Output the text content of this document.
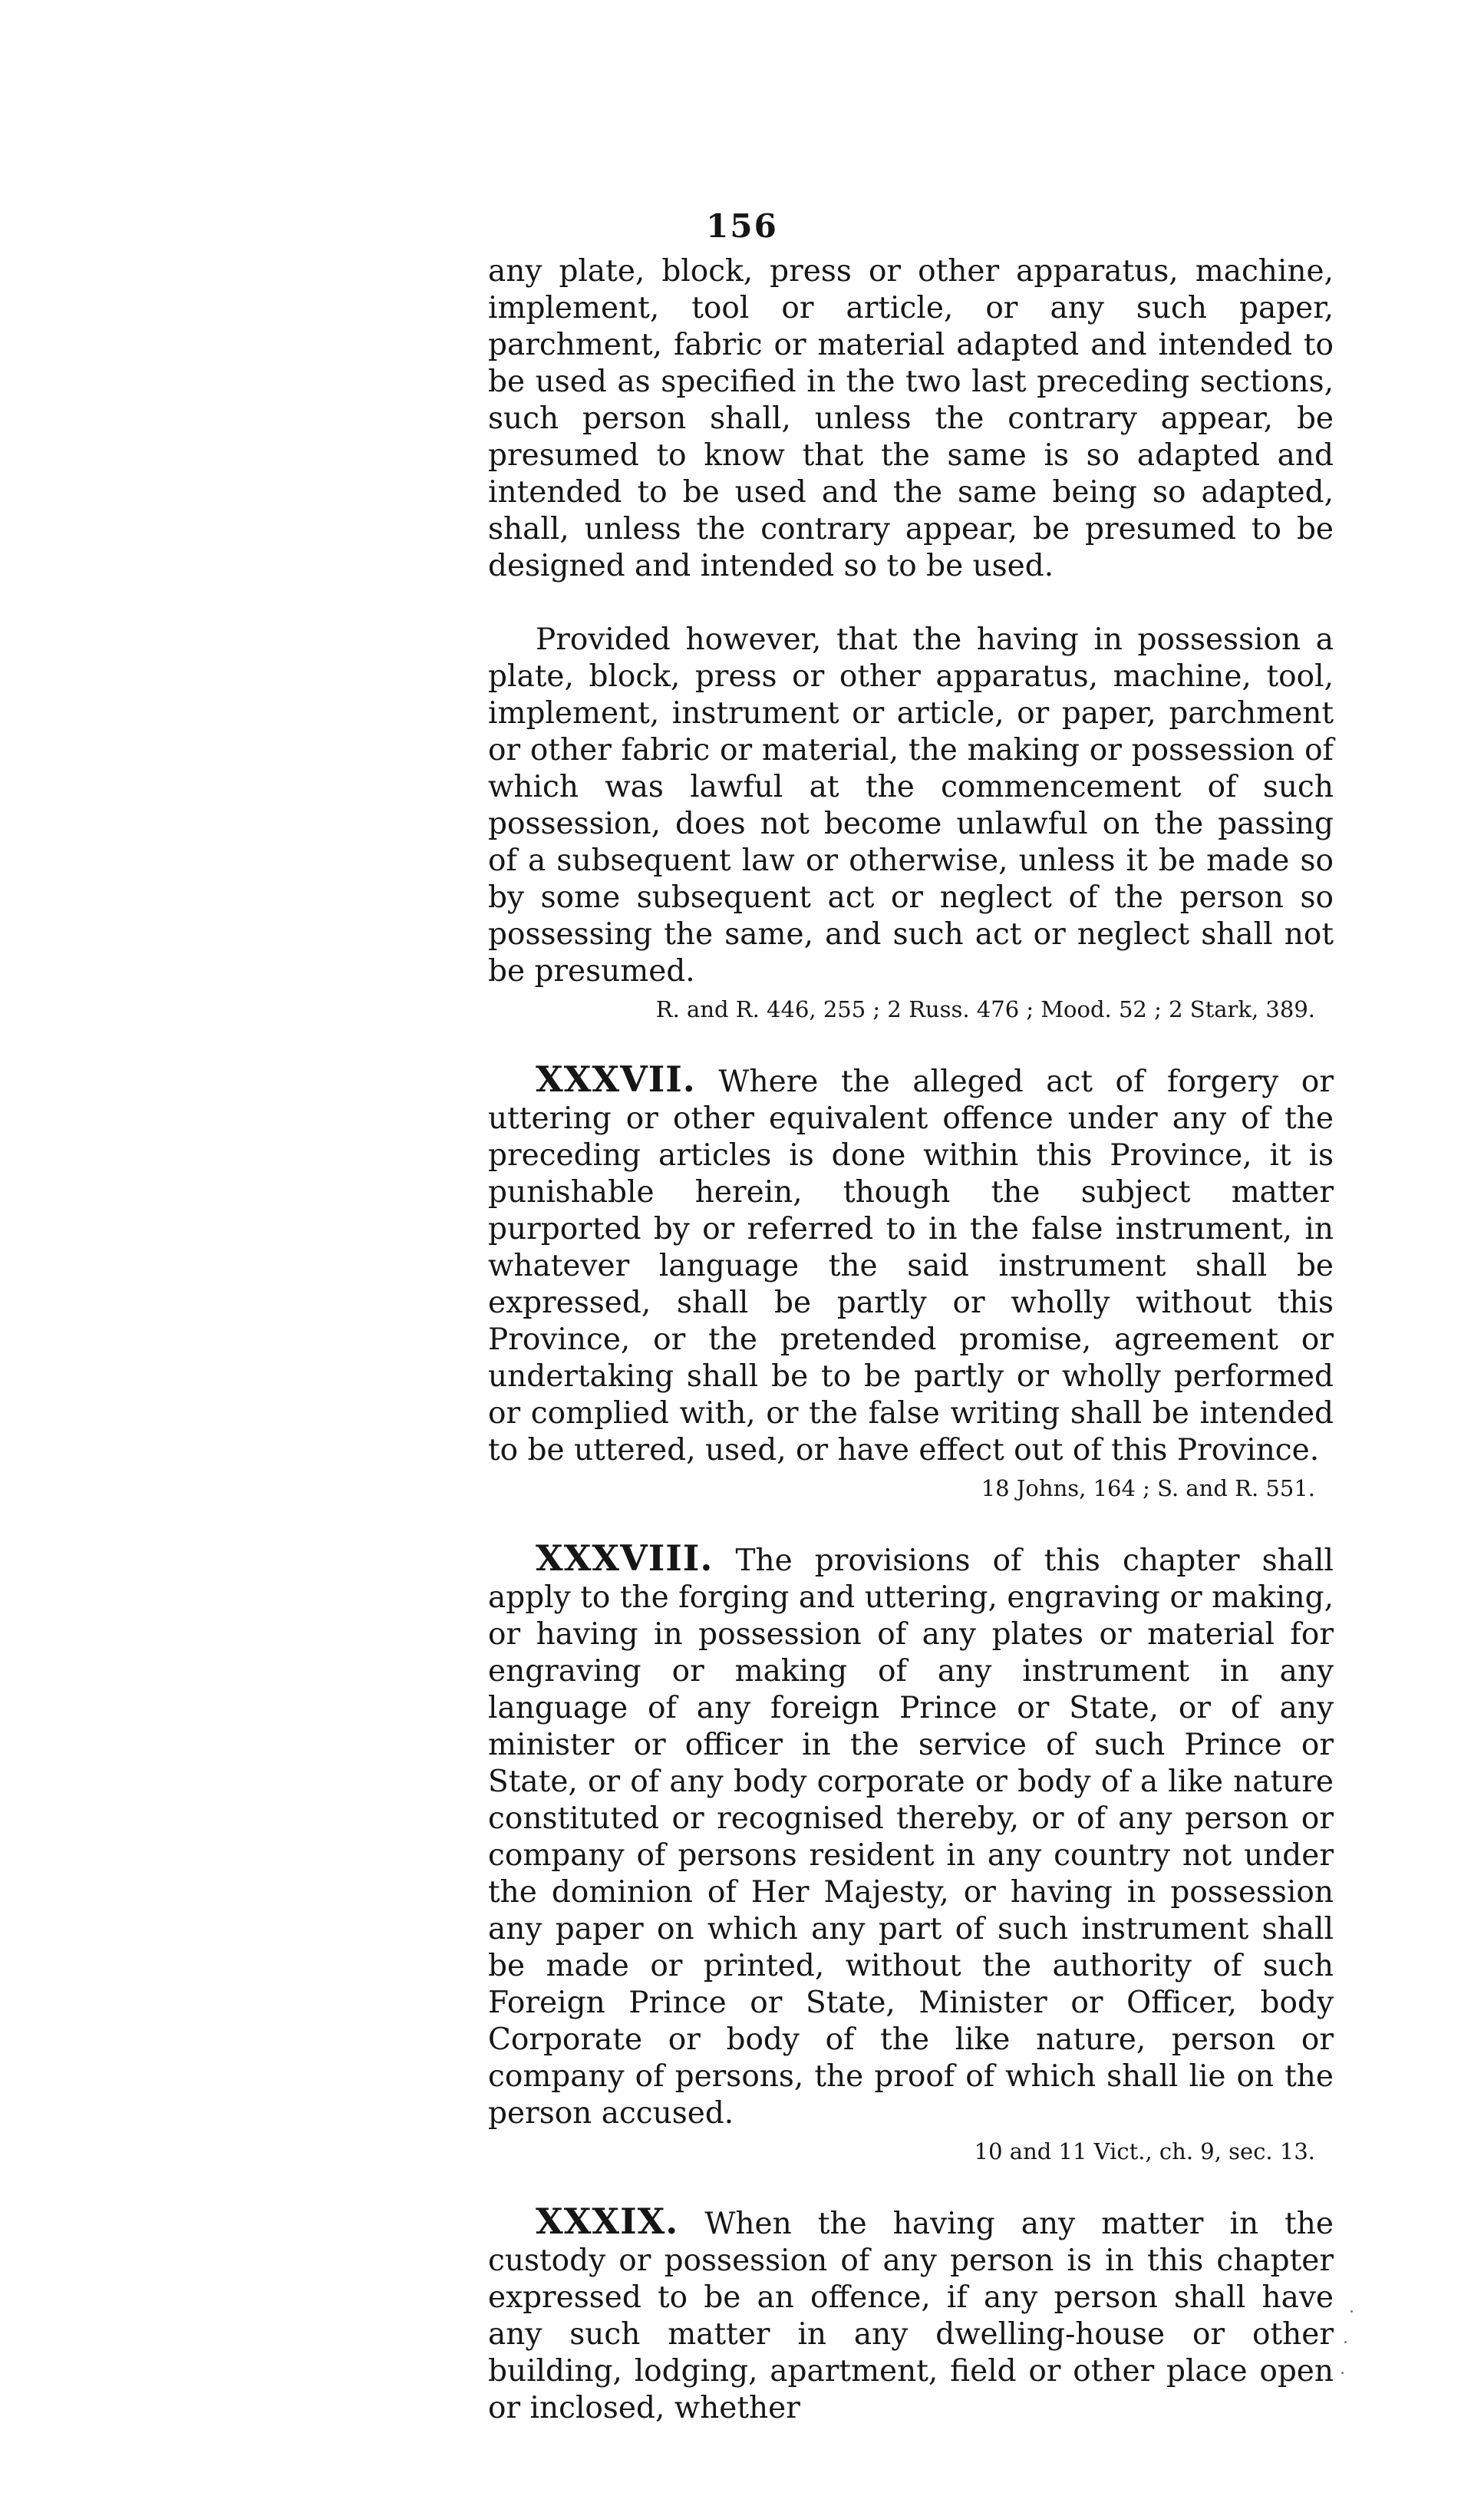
156

any plate, block, press or other apparatus, machine, implement, tool or article, or any such paper, parchment, fabric or material adapted and intended to be used as specified in the two last preceding sections, such person shall, unless the contrary appear, be presumed to know that the same is so adapted and intended to be used and the same being so adapted, shall, unless the contrary appear, be presumed to be designed and intended so to be used.

Provided however, that the having in possession a plate, block, press or other apparatus, machine, tool, implement, instrument or article, or paper, parchment or other fabric or material, the making or possession of which was lawful at the commencement of such possession, does not become unlawful on the passing of a subsequent law or otherwise, unless it be made so by some subsequent act or neglect of the person so possessing the same, and such act or neglect shall not be presumed.

R. and R. 446, 255 ; 2 Russ. 476 ; Mood. 52 ; 2 Stark, 389.

XXXVII. Where the alleged act of forgery or uttering or other equivalent offence under any of the preceding articles is done within this Province, it is punishable herein, though the subject matter purported by or referred to in the false instrument, in whatever language the said instrument shall be expressed, shall be partly or wholly without this Province, or the pretended promise, agreement or undertaking shall be to be partly or wholly performed or complied with, or the false writing shall be intended to be uttered, used, or have effect out of this Province.

18 Johns, 164 ; S. and R. 551.

XXXVIII. The provisions of this chapter shall apply to the forging and uttering, engraving or making, or having in possession of any plates or material for engraving or making of any instrument in any language of any foreign Prince or State, or of any minister or officer in the service of such Prince or State, or of any body corporate or body of a like nature constituted or recognised thereby, or of any person or company of persons resident in any country not under the dominion of Her Majesty, or having in possession any paper on which any part of such instrument shall be made or printed, without the authority of such Foreign Prince or State, Minister or Officer, body Corporate or body of the like nature, person or company of persons, the proof of which shall lie on the person accused.

10 and 11 Vict., ch. 9, sec. 13.

XXXIX. When the having any matter in the custody or possession of any person is in this chapter expressed to be an offence, if any person shall have any such matter in any dwelling-house or other building, lodging, apartment, field or other place open or inclosed, whether
